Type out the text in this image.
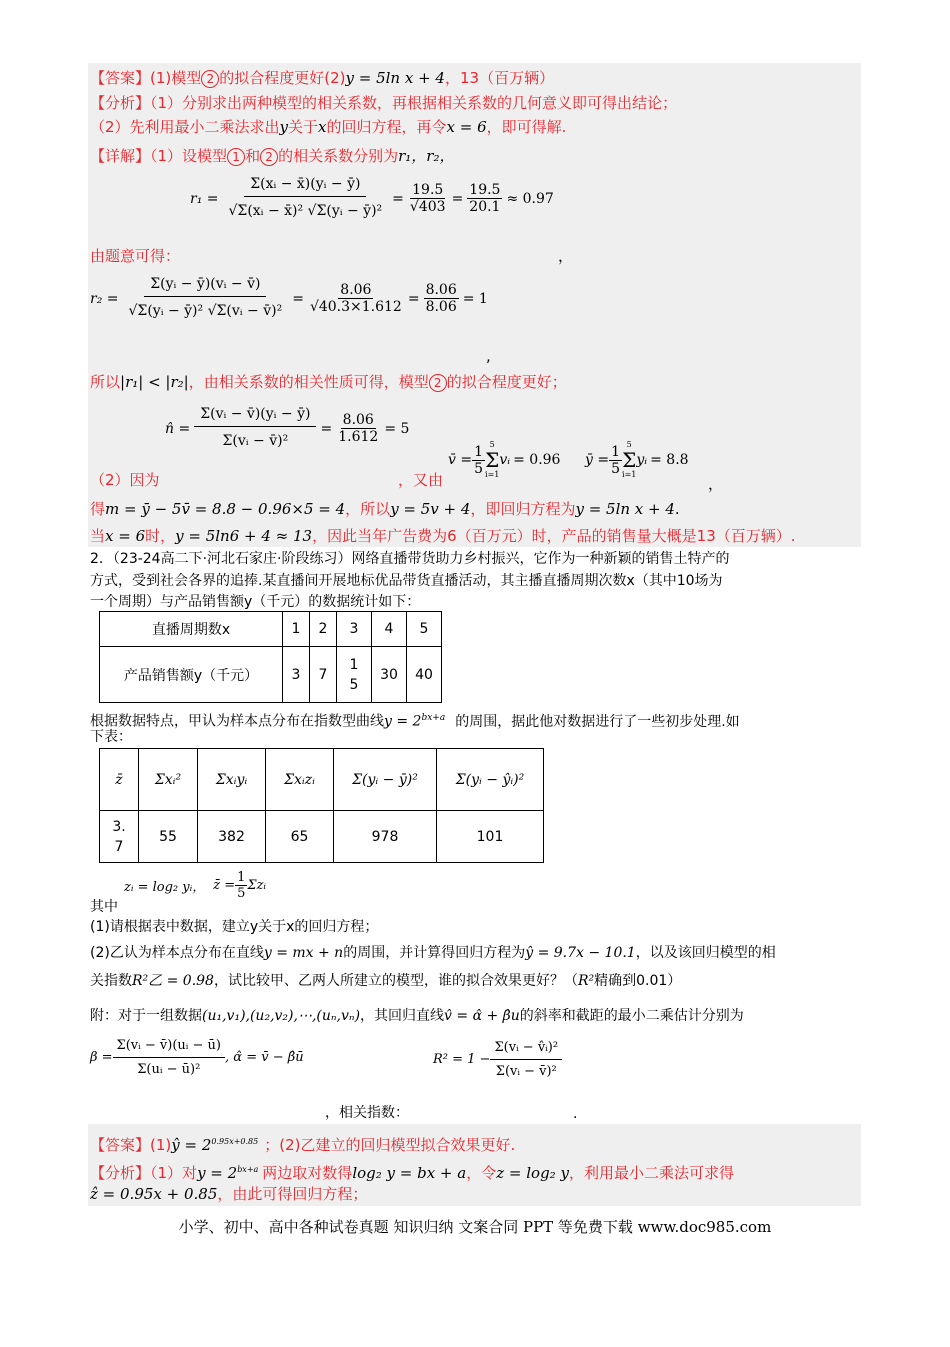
【答案】(1)模型 2 的拟合程度更好(2)y = 5ln x + 4，13（百万辆）
【分析】（1）分别求出两种模型的相关系数，再根据相关系数的几何意义即可得出结论；
（2）先利用最小二乘法求出y关于x的回归方程，再令x = 6，即可得解.
【详解】（1）设模型 1 和 2 的相关系数分别为r₁，r₂，
$r_1 = \frac{\text{Σ(xᵢ − x̄)(yᵢ − ȳ)}}{\text{√Σ(xᵢ − x̄)² √Σ(yᵢ − ȳ)²}} = \frac{19.5}{√403} = \frac{19.5}{20.1} \approx 0.97$
由题意可得：	，
$r_2 = \frac{\text{Σ(yᵢ − ȳ)(vᵢ − v̄)}}{\text{√Σ(yᵢ − ȳ)² √Σ(vᵢ − v̄)²}} = \frac{8.06}{√40.3\times 1.612} = \frac{8.06}{8.06} = 1$
,
所以|r₁| < |r₂|，由相关系数的相关性质可得，模型 2 的拟合程度更好；
n̂ = $\frac{\text{Σ(vᵢ − v̄)(yᵢ − ȳ)}}{\text{Σ(vᵢ − v̄)²}} = \frac{8.06}{1.612} = 5$
（2）因为	，又由
v̄ = $\frac{1}{5} 5$
Σ
i=1
vᵢ = 0.96 ȳ = $\frac{1}{5} 5$
Σ
i=1
yᵢ = 8.8
，
得m = ȳ − 5v̄ = 8.8 − 0.96×5 = 4，所以y = 5v + 4，即回归方程为y = 5ln x + 4.
当x = 6时，y = 5ln6 + 4 ≈ 13，因此当年广告费为6（百万元）时，产品的销售量大概是13（百万辆）.
2．（23-24高二下·河北石家庄·阶段练习）网络直播带货助力乡村振兴，它作为一种新颖的销售土特产的
方式，受到社会各界的追捧.某直播间开展地标优品带货直播活动，其主播直播周期次数x（其中10场为
一个周期）与产品销售额y（千元）的数据统计如下：
直播周期数x	1	2	3	4	5
产品销售额y（千元）	3	7	1
5	30	40
根据数据特点，甲认为样本点分布在指数型曲线$y = 2^{bx+a}$ 的周围，据此他对数据进行了一些初步处理.如
下表：
z̄	Σxᵢ²	Σxᵢyᵢ	Σxᵢzᵢ	Σ(yᵢ − ȳ)²	Σ(yᵢ − ŷᵢ)²
3.
7	55	382	65	978	101
zᵢ = log₂ yᵢ， z̄ = $\frac{1}{5}$ Σzᵢ
其中
(1)请根据表中数据，建立y关于x的回归方程；
(2)乙认为样本点分布在直线y = mx + n的周围，并计算得回归方程为ŷ = 9.7x − 10.1，以及该回归模型的相
关指数R²乙 = 0.98，试比较甲、乙两人所建立的模型，谁的拟合效果更好？（R²精确到0.01）
附：对于一组数据(u₁,v₁),(u₂,v₂),⋯,(uₙ,vₙ)，其回归直线v̂ = α̂ + β̂u的斜率和截距的最小二乘估计分别为
$\beta = \frac{\text{Σ(vᵢ − v̄)(uᵢ − ū)}}{\text{Σ(uᵢ − ū)²}}$ , α̂ = v̄ − β̂ū
，相关指数：
$R^2 = 1 - \frac{\text{Σ(vᵢ − v̂ᵢ)²}}{\text{Σ(vᵢ − v̄)²}}$
.
【答案】(1)ŷ = $2^{0.95x+0.85}$ ；(2)乙建立的回归模型拟合效果更好.
【分析】（1）对$y = 2^{bx+a}$ 两边取对数得log₂ y = bx + a，令z = log₂ y，利用最小二乘法可求得
ẑ = 0.95x + 0.85，由此可得回归方程；
小学、初中、高中各种试卷真题 知识归纳 文案合同 PPT 等免费下载 www.doc985.com
